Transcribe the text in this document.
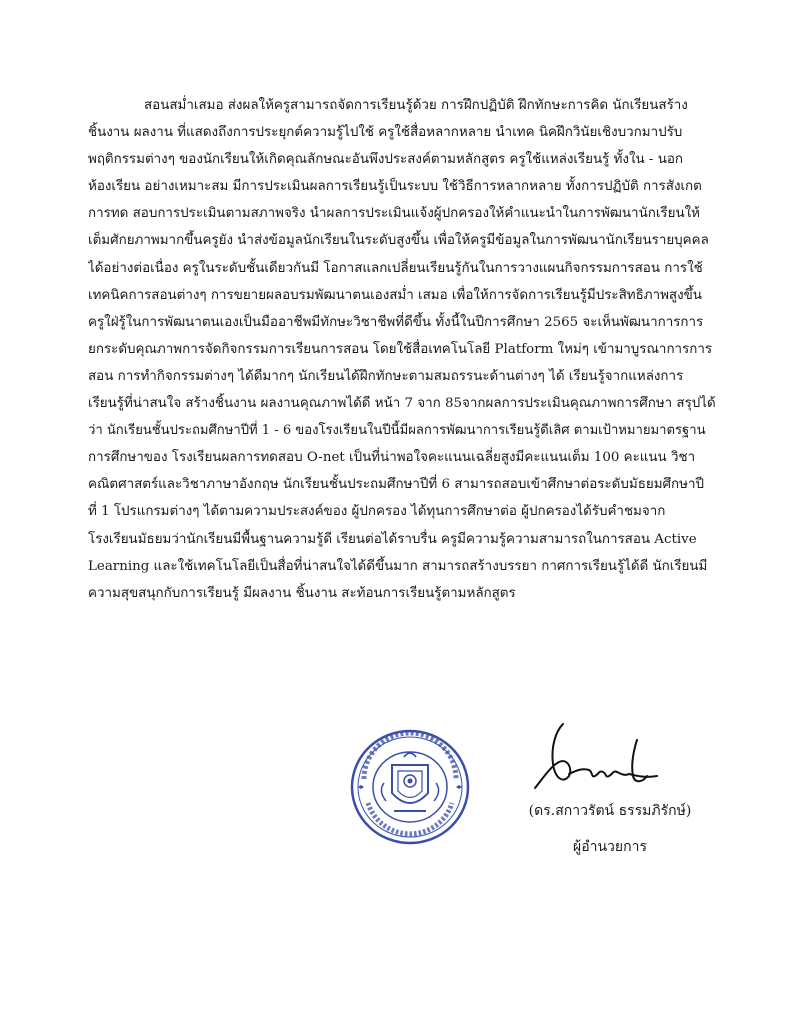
สอนสม่ำเสมอ ส่งผลให้ครูสามารถจัดการเรียนรู้ด้วย การฝึกปฏิบัติ ฝึกทักษะการคิด นักเรียนสร้าง
ชิ้นงาน ผลงาน ที่แสดงถึงการประยุกต์ความรู้ไปใช้ ครูใช้สื่อหลากหลาย นำเทค นิคฝึกวินัยเชิงบวกมาปรับ
พฤติกรรมต่างๆ ของนักเรียนให้เกิดคุณลักษณะอันพึงประสงค์ตามหลักสูตร ครูใช้แหล่งเรียนรู้ ทั้งใน - นอก
ห้องเรียน อย่างเหมาะสม มีการประเมินผลการเรียนรู้เป็นระบบ ใช้วิธีการหลากหลาย ทั้งการปฏิบัติ การสังเกต
การทด สอบการประเมินตามสภาพจริง นำผลการประเมินแจ้งผู้ปกครองให้คำแนะนำในการพัฒนานักเรียนให้
เต็มศักยภาพมากขึ้นครูยัง นำส่งข้อมูลนักเรียนในระดับสูงขึ้น เพื่อให้ครูมีข้อมูลในการพัฒนานักเรียนรายบุคคล
ได้อย่างต่อเนื่อง ครูในระดับชั้นเดียวกันมี โอกาสแลกเปลี่ยนเรียนรู้กันในการวางแผนกิจกรรมการสอน การใช้
เทคนิคการสอนต่างๆ การขยายผลอบรมพัฒนาตนเองสม่ำ เสมอ เพื่อให้การจัดการเรียนรู้มีประสิทธิภาพสูงขึ้น
ครูใฝ่รู้ในการพัฒนาตนเองเป็นมืออาชีพมีทักษะวิชาชีพที่ดีขึ้น ทั้งนี้ในปีการศึกษา 2565 จะเห็นพัฒนาการการ
ยกระดับคุณภาพการจัดกิจกรรมการเรียนการสอน โดยใช้สื่อเทคโนโลยี Platform ใหม่ๆ เข้ามาบูรณาการการ
สอน การทำกิจกรรมต่างๆ ได้ดีมากๆ นักเรียนได้ฝึกทักษะตามสมถรรนะด้านต่างๆ ได้ เรียนรู้จากแหล่งการ
เรียนรู้ที่น่าสนใจ สร้างชิ้นงาน ผลงานคุณภาพได้ดี หน้า 7 จาก 85จากผลการประเมินคุณภาพการศึกษา สรุปได้
ว่า นักเรียนชั้นประถมศึกษาปีที่ 1 - 6 ของโรงเรียนในปีนี้มีผลการพัฒนาการเรียนรู้ดีเลิศ ตามเป้าหมายมาตรฐาน
การศึกษาของ โรงเรียนผลการทดสอบ O-net เป็นที่น่าพอใจคะแนนเฉลี่ยสูงมีคะแนนเต็ม 100 คะแนน วิชา
คณิตศาสตร์และวิชาภาษาอังกฤษ นักเรียนชั้นประถมศึกษาปีที่ 6 สามารถสอบเข้าศึกษาต่อระดับมัธยมศึกษาปี
ที่ 1 โปรแกรมต่างๆ ได้ตามความประสงค์ของ ผู้ปกครอง ได้ทุนการศึกษาต่อ ผู้ปกครองได้รับคำชมจาก
โรงเรียนมัธยมว่านักเรียนมีพื้นฐานความรู้ดี เรียนต่อได้ราบรื่น ครูมีความรู้ความสามารถในการสอน Active
Learning และใช้เทคโนโลยีเป็นสื่อที่น่าสนใจได้ดีขึ้นมาก สามารถสร้างบรรยา กาศการเรียนรู้ได้ดี นักเรียนมี
ความสุขสนุกกับการเรียนรู้ มีผลงาน ชิ้นงาน สะท้อนการเรียนรู้ตามหลักสูตร
(ดร.สกาวรัตน์ ธรรมภิรักษ์)
ผู้อำนวยการ
